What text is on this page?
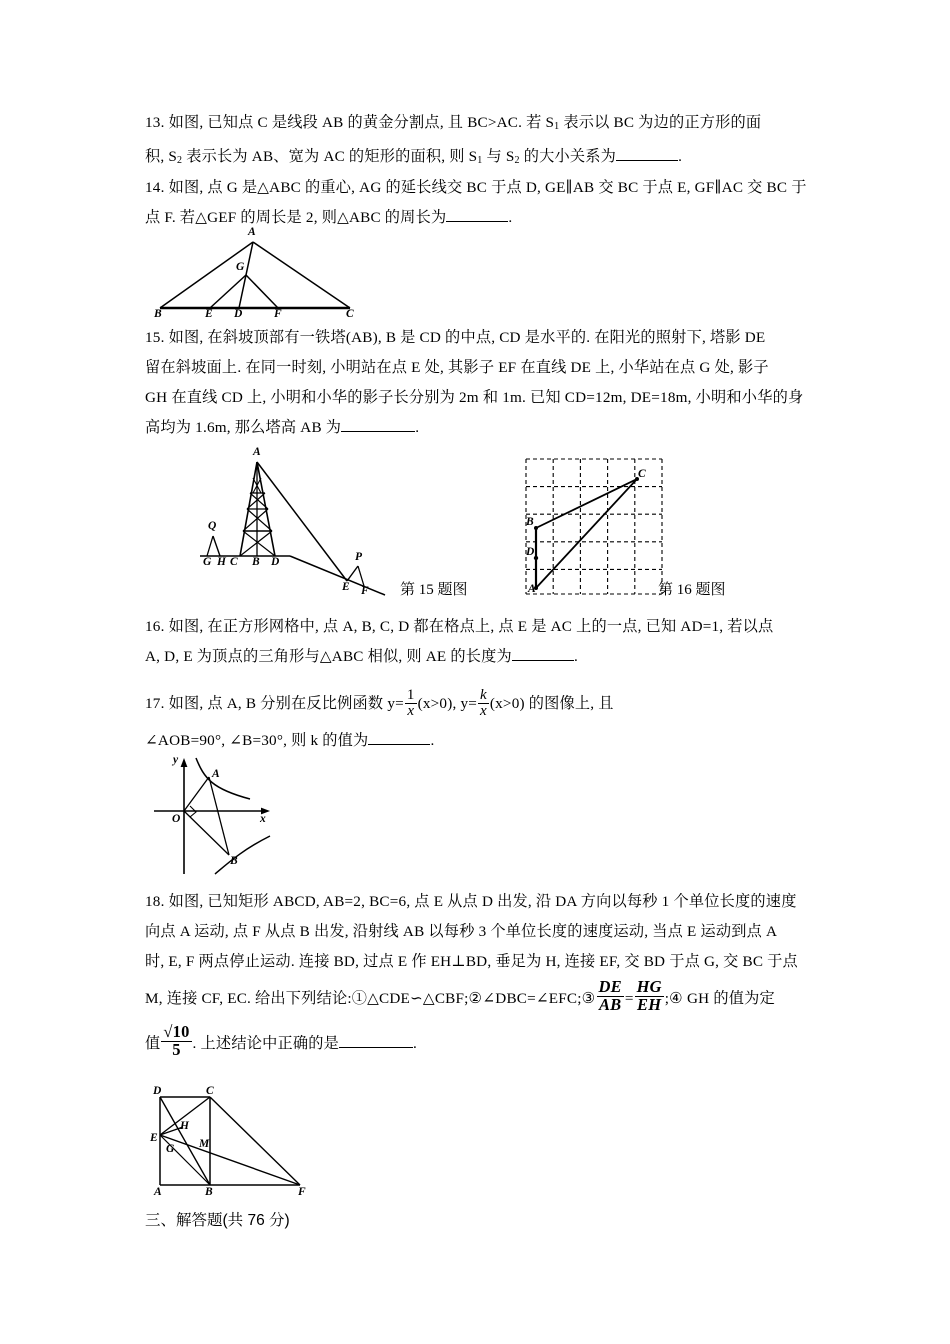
13. 如图, 已知点 C 是线段 AB 的黄金分割点, 且 BC>AC. 若 $S_1$ 表示以 BC 为边的正方形的面
积, $S_2$ 表示长为 AB、宽为 AC 的矩形的面积, 则 $S_1$ 与 $S_2$ 的大小关系为	.
14. 如图, 点 G 是△ABC 的重心, AG 的延长线交 BC 于点 D, GE∥AB 交 BC 于点 E, GF∥AC 交 BC 于
点 F. 若△GEF 的周长是 2, 则△ABC 的周长为	.
A
G
B	E D	F	C
15. 如图, 在斜坡顶部有一铁塔(AB), B 是 CD 的中点, CD 是水平的. 在阳光的照射下, 塔影 DE
留在斜坡面上. 在同一时刻, 小明站在点 E 处, 其影子 EF 在直线 DE 上, 小华站在点 G 处, 影子
GH 在直线 CD 上, 小明和小华的影子长分别为 2m 和 1m. 已知 CD=12m, DE=18m, 小明和小华的身
高均为 1.6m, 那么塔高 AB 为	.
A
Q
G H C B D	P
E F 第 15 题图
C
B
D
A	第 16 题图
16. 如图, 在正方形网格中, 点 A, B, C, D 都在格点上, 点 E 是 AC 上的一点, 已知 AD=1, 若以点
A, D, E 为顶点的三角形与△ABC 相似, 则 AE 的长度为	.
17. 如图, 点 A, B 分别在反比例函数 $y= \frac{1}{x} (x>0)$, $y= \frac{k}{x} (x>0)$ 的图像上, 且
∠AOB=90°, ∠B=30°, 则 k 的值为	.
y
x
O
A
B
18. 如图, 已知矩形 ABCD, AB=2, BC=6, 点 E 从点 D 出发, 沿 DA 方向以每秒 1 个单位长度的速度
向点 A 运动, 点 F 从点 B 出发, 沿射线 AB 以每秒 3 个单位长度的速度运动, 当点 E 运动到点 A
时, E, F 两点停止运动. 连接 BD, 过点 E 作 EH⊥BD, 垂足为 H, 连接 EF, 交 BD 于点 G, 交 BC 于点
M, 连接 CF, EC. 给出下列结论:①△CDE∽△CBF;②∠DBC=∠EFC;③ $\frac{DE}{AB} = \frac{HG}{EH}$ ;④ GH 的值为定
值 $\frac{√10}{5}$ . 上述结论中正确的是	.
D	C
E
H
G M
A	B	F
三、解答题(共 76 分)
